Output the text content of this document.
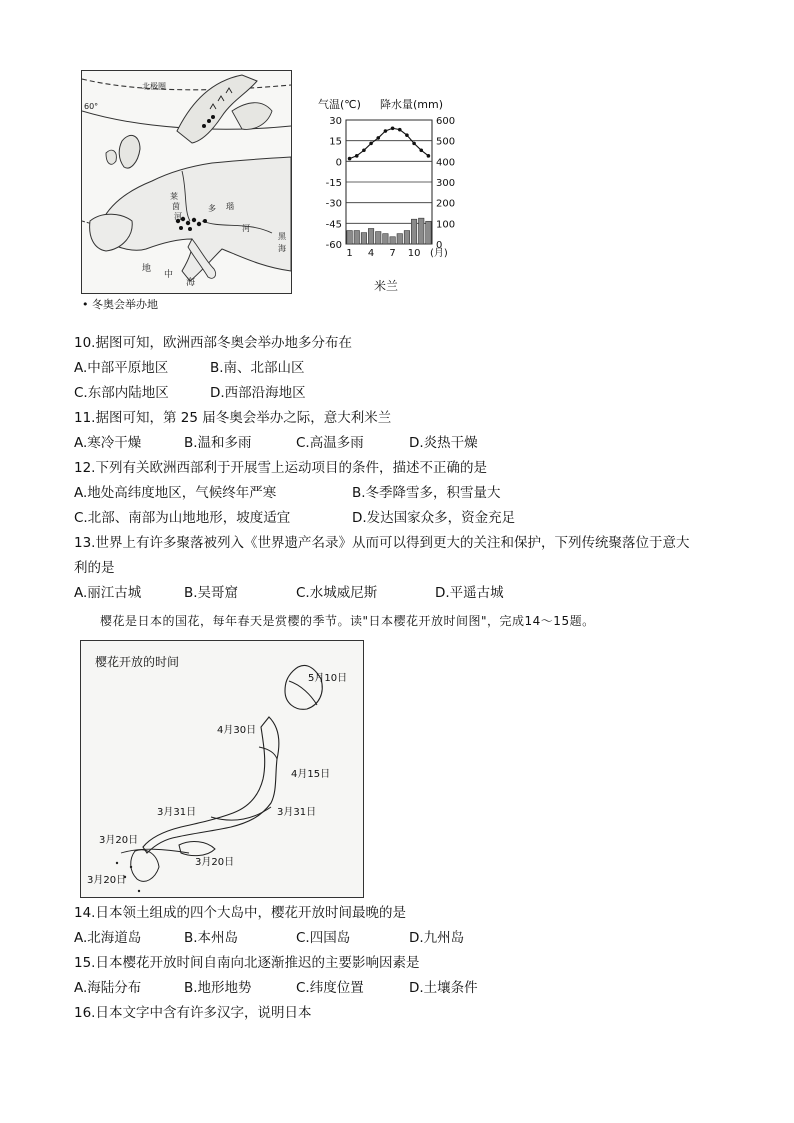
北极圈
60°
莱
茵
河
多 瑙
河
黑
海
地
中
海
• 冬奥会举办地
气温(℃) 降水量(mm)
30
15
0
-15
-30
-45
-60
600
500
400
300
200
100
0
1 4 7 10 (月)
米兰
10.据图可知，欧洲西部冬奥会举办地多分布在
A.中部平原地区	B.南、北部山区
C.东部内陆地区	D.西部沿海地区
11.据图可知，第 25 届冬奥会举办之际，意大利米兰
A.寒冷干燥	B.温和多雨	C.高温多雨	D.炎热干燥
12.下列有关欧洲西部利于开展雪上运动项目的条件，描述不正确的是
A.地处高纬度地区，气候终年严寒	B.冬季降雪多，积雪量大
C.北部、南部为山地地形，坡度适宜	D.发达国家众多，资金充足
13.世界上有许多聚落被列入《世界遗产名录》从而可以得到更大的关注和保护，下列传统聚落位于意大
利的是
A.丽江古城	B.吴哥窟	C.水城威尼斯	D.平遥古城
樱花是日本的国花，每年春天是赏樱的季节。读"日本樱花开放时间图"，完成14～15题。
樱花开放的时间
5月10日
4月30日
4月15日
3月31日	3月31日
3月20日
3月20日
3月20日
14.日本领土组成的四个大岛中，樱花开放时间最晚的是
A.北海道岛	B.本州岛	C.四国岛	D.九州岛
15.日本樱花开放时间自南向北逐渐推迟的主要影响因素是
A.海陆分布	B.地形地势	C.纬度位置	D.土壤条件
16.日本文字中含有许多汉字，说明日本
